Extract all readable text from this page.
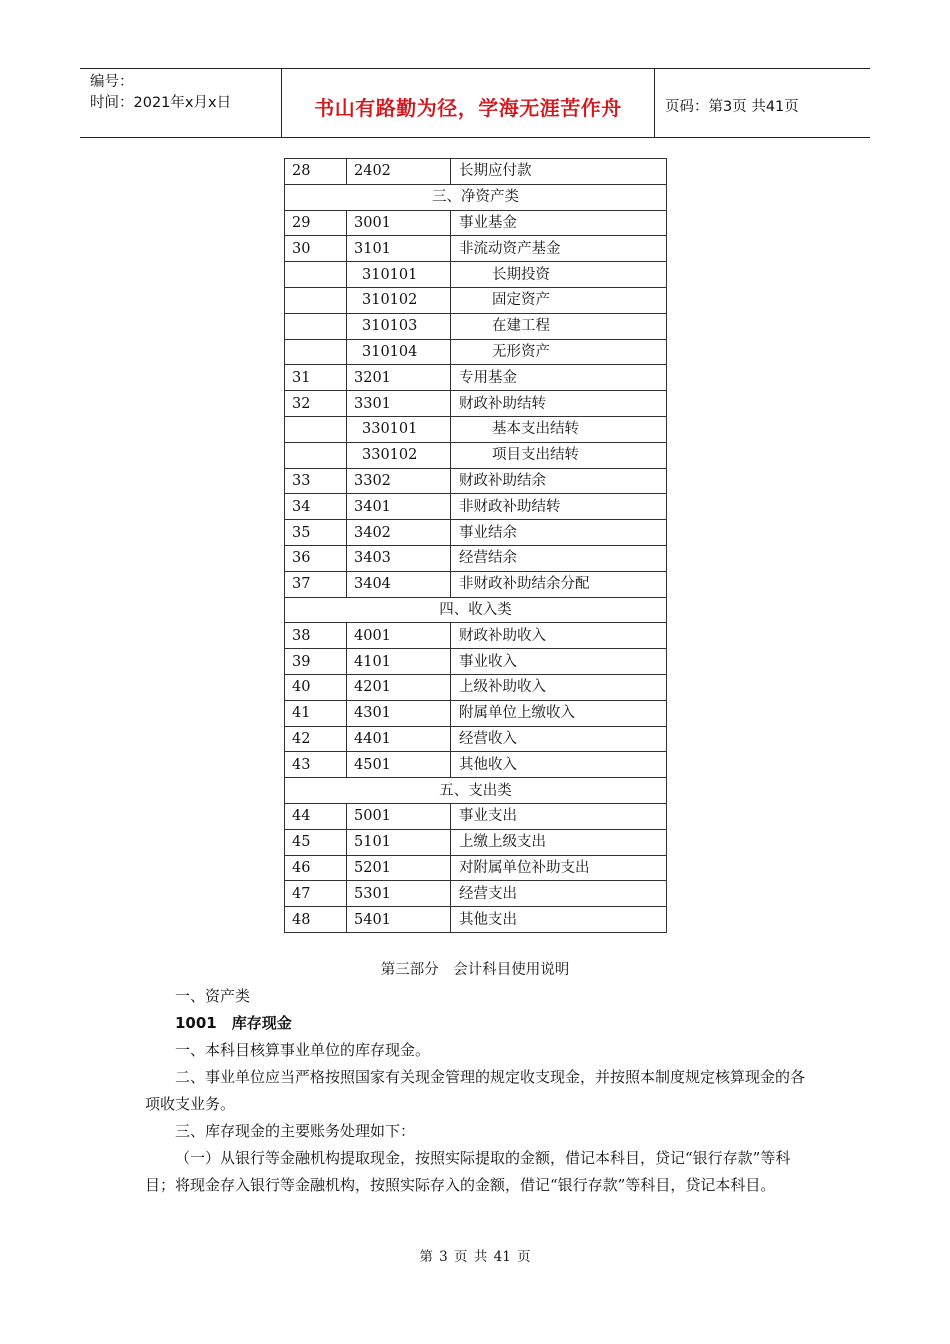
编号：
时间：2021年x月x日	书山有路勤为径，学海无涯苦作舟	页码：第3页 共41页
28	2402	长期应付款
三、净资产类		
29	3001	事业基金
30	3101	非流动资产基金
	310101	长期投资
	310102	固定资产
	310103	在建工程
	310104	无形资产
31	3201	专用基金
32	3301	财政补助结转
	330101	基本支出结转
	330102	项目支出结转
33	3302	财政补助结余
34	3401	非财政补助结转
35	3402	事业结余
36	3403	经营结余
37	3404	非财政补助结余分配
四、收入类		
38	4001	财政补助收入
39	4101	事业收入
40	4201	上级补助收入
41	4301	附属单位上缴收入
42	4401	经营收入
43	4501	其他收入
五、支出类		
44	5001	事业支出
45	5101	上缴上级支出
46	5201	对附属单位补助支出
47	5301	经营支出
48	5401	其他支出
第三部分　会计科目使用说明
一、资产类
1001　库存现金
一、本科目核算事业单位的库存现金。
二、事业单位应当严格按照国家有关现金管理的规定收支现金，并按照本制度规定核算现金的各项收支业务。
三、库存现金的主要账务处理如下：
（一）从银行等金融机构提取现金，按照实际提取的金额，借记本科目，贷记“银行存款”等科目；将现金存入银行等金融机构，按照实际存入的金额，借记“银行存款”等科目，贷记本科目。
第 3 页 共 41 页
